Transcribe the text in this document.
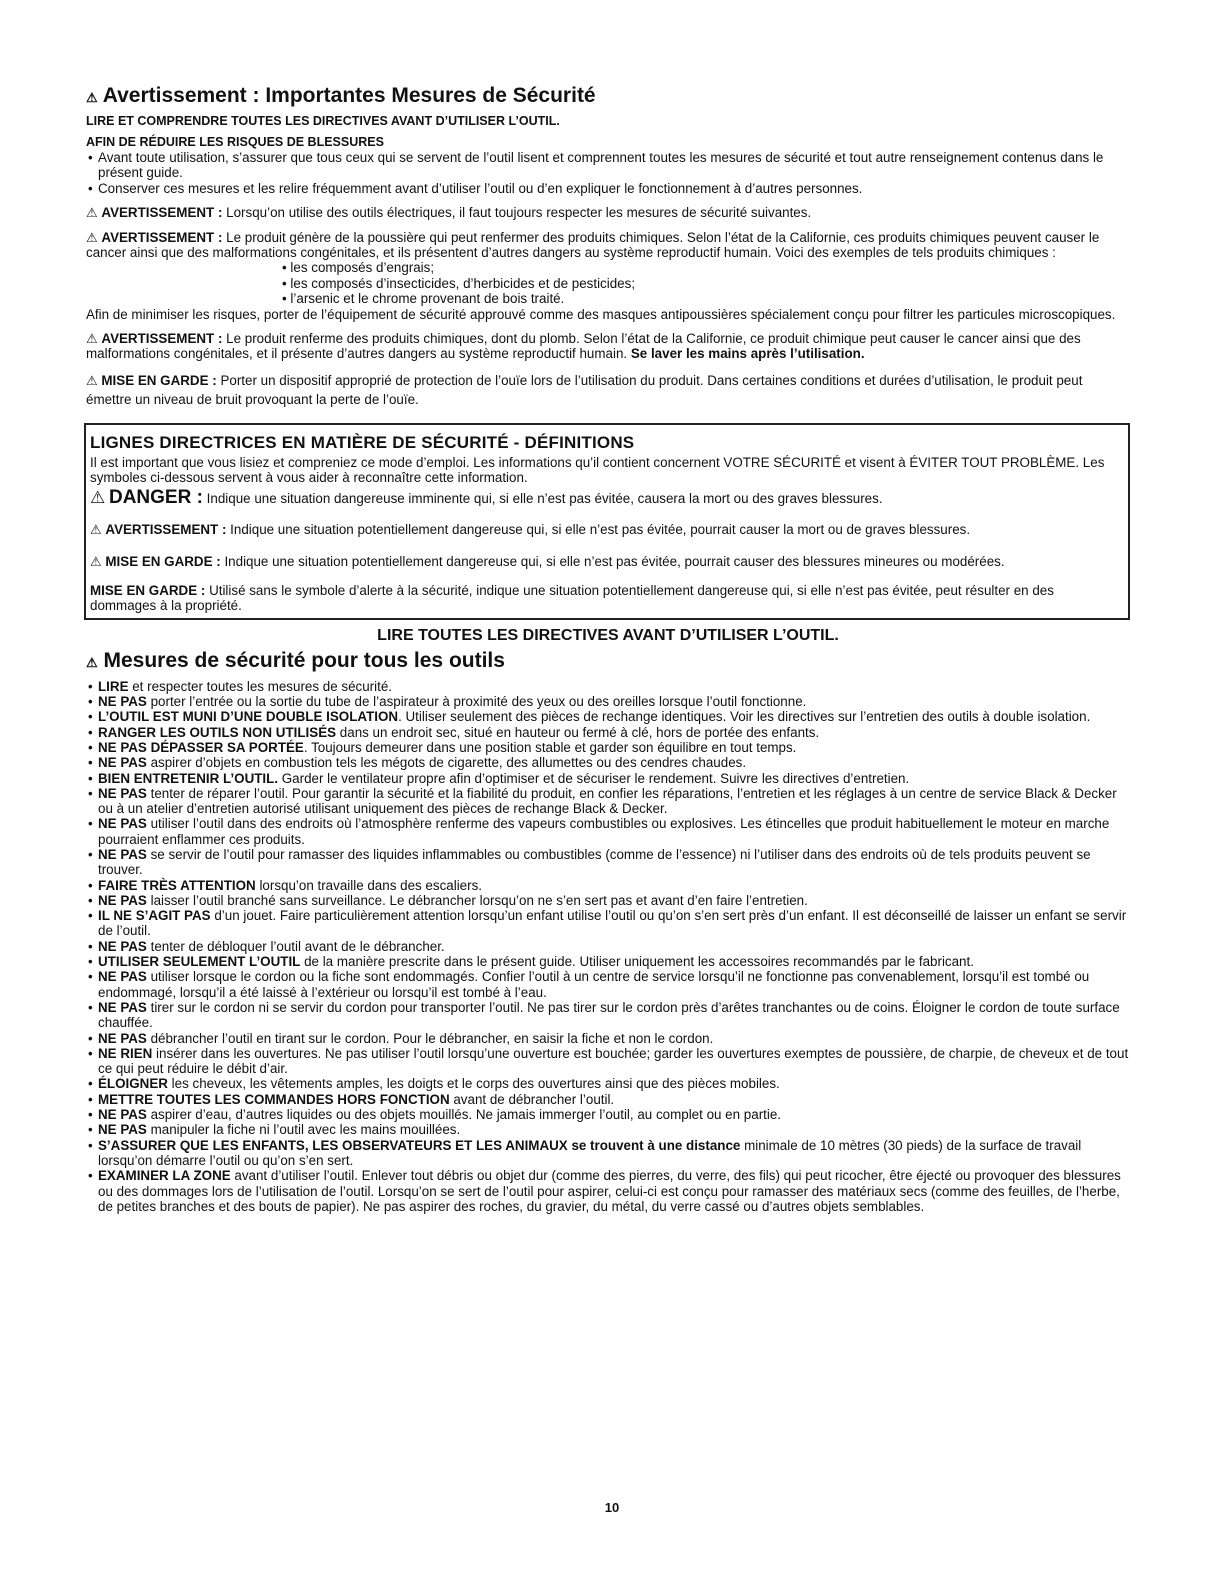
⚠ Avertissement : Importantes Mesures de Sécurité
LIRE ET COMPRENDRE TOUTES LES DIRECTIVES AVANT D’UTILISER L’OUTIL.
AFIN DE RÉDUIRE LES RISQUES DE BLESSURES
• Avant toute utilisation, s’assurer que tous ceux qui se servent de l’outil lisent et comprennent toutes les mesures de sécurité et tout autre renseignement contenus dans le présent guide.
• Conserver ces mesures et les relire fréquemment avant d’utiliser l’outil ou d’en expliquer le fonctionnement à d’autres personnes.

⚠ AVERTISSEMENT : Lorsqu’on utilise des outils électriques, il faut toujours respecter les mesures de sécurité suivantes.

⚠ AVERTISSEMENT : Le produit génère de la poussière qui peut renfermer des produits chimiques. Selon l’état de la Californie, ces produits chimiques peuvent causer le cancer ainsi que des malformations congénitales, et ils présentent d’autres dangers au système reproductif humain. Voici des exemples de tels produits chimiques :

• les composés d’engrais;
• les composés d’insecticides, d’herbicides et de pesticides;
• l’arsenic et le chrome provenant de bois traité.

Afin de minimiser les risques, porter de l’équipement de sécurité approuvé comme des masques antipoussières spécialement conçu pour filtrer les particules microscopiques.

⚠ AVERTISSEMENT : Le produit renferme des produits chimiques, dont du plomb. Selon l’état de la Californie, ce produit chimique peut causer le cancer ainsi que des malformations congénitales, et il présente d’autres dangers au système reproductif humain. Se laver les mains après l’utilisation.

⚠ MISE EN GARDE : Porter un dispositif approprié de protection de l’ouïe lors de l’utilisation du produit. Dans certaines conditions et durées d’utilisation, le produit peut émettre un niveau de bruit provoquant la perte de l’ouïe.

LIGNES DIRECTRICES EN MATIÈRE DE SÉCURITÉ - DÉFINITIONS

Il est important que vous lisiez et compreniez ce mode d’emploi. Les informations qu’il contient concernent VOTRE SÉCURITÉ et visent à ÉVITER TOUT PROBLÈME. Les symboles ci-dessous servent à vous aider à reconnaître cette information.

⚠ DANGER : Indique une situation dangereuse imminente qui, si elle n’est pas évitée, causera la mort ou des graves blessures.

⚠ AVERTISSEMENT : Indique une situation potentiellement dangereuse qui, si elle n’est pas évitée, pourrait causer la mort ou de graves blessures.

⚠ MISE EN GARDE : Indique une situation potentiellement dangereuse qui, si elle n’est pas évitée, pourrait causer des blessures mineures ou modérées.

MISE EN GARDE : Utilisé sans le symbole d’alerte à la sécurité, indique une situation potentiellement dangereuse qui, si elle n’est pas évitée, peut résulter en des dommages à la propriété.

LIRE TOUTES LES DIRECTIVES AVANT D’UTILISER L’OUTIL.
⚠ Mesures de sécurité pour tous les outils
• LIRE et respecter toutes les mesures de sécurité.
• NE PAS porter l’entrée ou la sortie du tube de l’aspirateur à proximité des yeux ou des oreilles lorsque l’outil fonctionne.
• L’OUTIL EST MUNI D’UNE DOUBLE ISOLATION. Utiliser seulement des pièces de rechange identiques. Voir les directives sur l’entretien des outils à double isolation.
• RANGER LES OUTILS NON UTILISÉS dans un endroit sec, situé en hauteur ou fermé à clé, hors de portée des enfants.
• NE PAS DÉPASSER SA PORTÉE. Toujours demeurer dans une position stable et garder son équilibre en tout temps.
• NE PAS aspirer d’objets en combustion tels les mégots de cigarette, des allumettes ou des cendres chaudes.
• BIEN ENTRETENIR L’OUTIL. Garder le ventilateur propre afin d’optimiser et de sécuriser le rendement. Suivre les directives d’entretien.
• NE PAS tenter de réparer l’outil. Pour garantir la sécurité et la fiabilité du produit, en confier les réparations, l’entretien et les réglages à un centre de service Black & Decker ou à un atelier d’entretien autorisé utilisant uniquement des pièces de rechange Black & Decker.
• NE PAS utiliser l’outil dans des endroits où l’atmosphère renferme des vapeurs combustibles ou explosives. Les étincelles que produit habituellement le moteur en marche pourraient enflammer ces produits.
• NE PAS se servir de l’outil pour ramasser des liquides inflammables ou combustibles (comme de l’essence) ni l’utiliser dans des endroits où de tels produits peuvent se trouver.
• FAIRE TRÈS ATTENTION lorsqu’on travaille dans des escaliers.
• NE PAS laisser l’outil branché sans surveillance. Le débrancher lorsqu’on ne s’en sert pas et avant d’en faire l’entretien.
• IL NE S’AGIT PAS d’un jouet. Faire particulièrement attention lorsqu’un enfant utilise l’outil ou qu’on s’en sert près d’un enfant. Il est déconseillé de laisser un enfant se servir de l’outil.
• NE PAS tenter de débloquer l’outil avant de le débrancher.
• UTILISER SEULEMENT L’OUTIL de la manière prescrite dans le présent guide. Utiliser uniquement les accessoires recommandés par le fabricant.
• NE PAS utiliser lorsque le cordon ou la fiche sont endommagés. Confier l’outil à un centre de service lorsqu’il ne fonctionne pas convenablement, lorsqu’il est tombé ou endommagé, lorsqu’il a été laissé à l’extérieur ou lorsqu’il est tombé à l’eau.
• NE PAS tirer sur le cordon ni se servir du cordon pour transporter l’outil. Ne pas tirer sur le cordon près d’arêtes tranchantes ou de coins. Éloigner le cordon de toute surface chauffée.
• NE PAS débrancher l’outil en tirant sur le cordon. Pour le débrancher, en saisir la fiche et non le cordon.
• NE RIEN insérer dans les ouvertures. Ne pas utiliser l’outil lorsqu’une ouverture est bouchée; garder les ouvertures exemptes de poussière, de charpie, de cheveux et de tout ce qui peut réduire le débit d’air.
• ÉLOIGNER les cheveux, les vêtements amples, les doigts et le corps des ouvertures ainsi que des pièces mobiles.
• METTRE TOUTES LES COMMANDES HORS FONCTION avant de débrancher l’outil.
• NE PAS aspirer d’eau, d’autres liquides ou des objets mouillés. Ne jamais immerger l’outil, au complet ou en partie.
• NE PAS manipuler la fiche ni l’outil avec les mains mouillées.
• S’ASSURER QUE LES ENFANTS, LES OBSERVATEURS ET LES ANIMAUX se trouvent à une distance minimale de 10 mètres (30 pieds) de la surface de travail lorsqu’on démarre l’outil ou qu’on s’en sert.
• EXAMINER LA ZONE avant d’utiliser l’outil. Enlever tout débris ou objet dur (comme des pierres, du verre, des fils) qui peut ricocher, être éjecté ou provoquer des blessures ou des dommages lors de l’utilisation de l’outil. Lorsqu’on se sert de l’outil pour aspirer, celui-ci est conçu pour ramasser des matériaux secs (comme des feuilles, de l’herbe, de petites branches et des bouts de papier). Ne pas aspirer des roches, du gravier, du métal, du verre cassé ou d’autres objets semblables.
10
